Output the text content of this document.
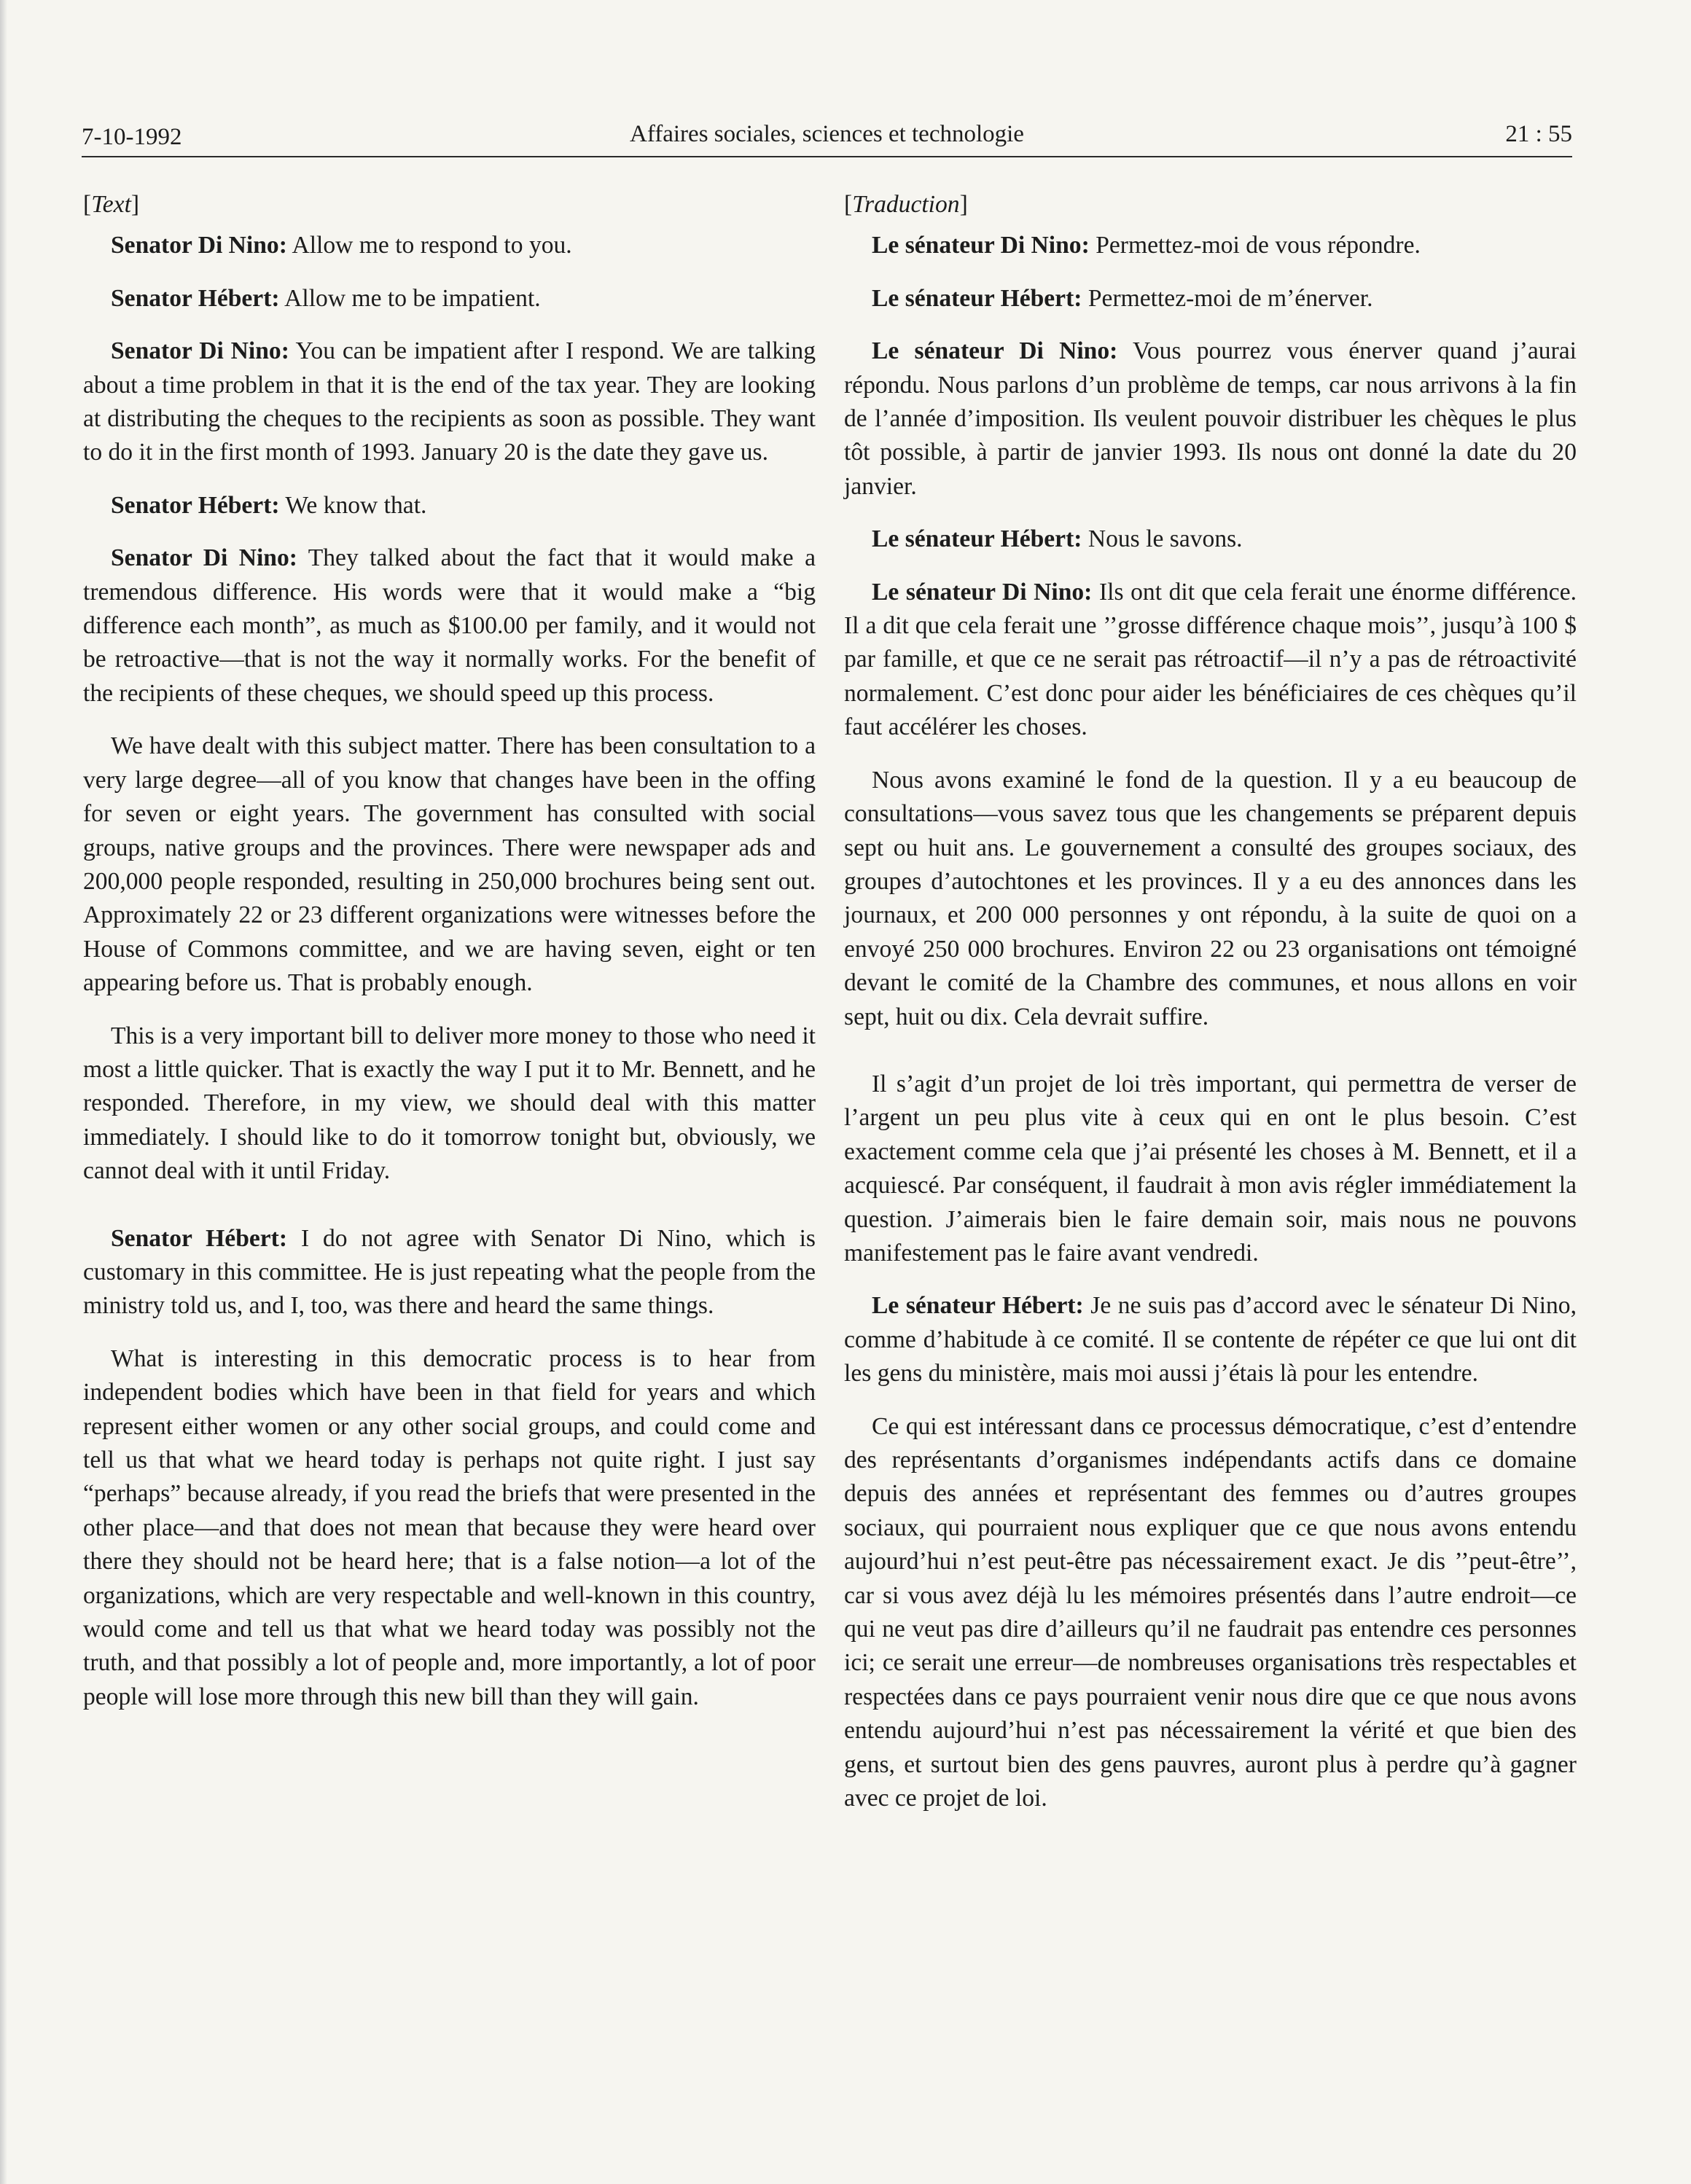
7-10-1992	Affaires sociales, sciences et technologie	21 : 55
[Text]

Senator Di Nino: Allow me to respond to you.

Senator Hébert: Allow me to be impatient.

Senator Di Nino: You can be impatient after I respond. We are talking about a time problem in that it is the end of the tax year. They are looking at distributing the cheques to the recipients as soon as possible. They want to do it in the first month of 1993. January 20 is the date they gave us.

Senator Hébert: We know that.

Senator Di Nino: They talked about the fact that it would make a tremendous difference. His words were that it would make a “big difference each month”, as much as $100.00 per family, and it would not be retroactive—that is not the way it normally works. For the benefit of the recipients of these cheques, we should speed up this process.

We have dealt with this subject matter. There has been consultation to a very large degree—all of you know that changes have been in the offing for seven or eight years. The government has consulted with social groups, native groups and the provinces. There were newspaper ads and 200,000 people responded, resulting in 250,000 brochures being sent out. Approximately 22 or 23 different organizations were witnesses before the House of Commons committee, and we are having seven, eight or ten appearing before us. That is probably enough.

This is a very important bill to deliver more money to those who need it most a little quicker. That is exactly the way I put it to Mr. Bennett, and he responded. Therefore, in my view, we should deal with this matter immediately. I should like to do it tomorrow tonight but, obviously, we cannot deal with it until Friday.

Senator Hébert: I do not agree with Senator Di Nino, which is customary in this committee. He is just repeating what the people from the ministry told us, and I, too, was there and heard the same things.

What is interesting in this democratic process is to hear from independent bodies which have been in that field for years and which represent either women or any other social groups, and could come and tell us that what we heard today is perhaps not quite right. I just say “perhaps” because already, if you read the briefs that were presented in the other place—and that does not mean that because they were heard over there they should not be heard here; that is a false notion—a lot of the organizations, which are very respectable and well-known in this country, would come and tell us that what we heard today was possibly not the truth, and that possibly a lot of people and, more importantly, a lot of poor people will lose more through this new bill than they will gain.

[Traduction]

Le sénateur Di Nino: Permettez-moi de vous répondre.

Le sénateur Hébert: Permettez-moi de m’énerver.

Le sénateur Di Nino: Vous pourrez vous énerver quand j’aurai répondu. Nous parlons d’un problème de temps, car nous arrivons à la fin de l’année d’imposition. Ils veulent pouvoir distribuer les chèques le plus tôt possible, à partir de janvier 1993. Ils nous ont donné la date du 20 janvier.

Le sénateur Hébert: Nous le savons.

Le sénateur Di Nino: Ils ont dit que cela ferait une énorme différence. Il a dit que cela ferait une ’’grosse différence chaque mois’’, jusqu’à 100 $ par famille, et que ce ne serait pas rétroactif—il n’y a pas de rétroactivité normalement. C’est donc pour aider les bénéficiaires de ces chèques qu’il faut accélérer les choses.

Nous avons examiné le fond de la question. Il y a eu beaucoup de consultations—vous savez tous que les changements se préparent depuis sept ou huit ans. Le gouvernement a consulté des groupes sociaux, des groupes d’autochtones et les provinces. Il y a eu des annonces dans les journaux, et 200 000 personnes y ont répondu, à la suite de quoi on a envoyé 250 000 brochures. Environ 22 ou 23 organisations ont témoigné devant le comité de la Chambre des communes, et nous allons en voir sept, huit ou dix. Cela devrait suffire.

Il s’agit d’un projet de loi très important, qui permettra de verser de l’argent un peu plus vite à ceux qui en ont le plus besoin. C’est exactement comme cela que j’ai présenté les choses à M. Bennett, et il a acquiescé. Par conséquent, il faudrait à mon avis régler immédiatement la question. J’aimerais bien le faire demain soir, mais nous ne pouvons manifestement pas le faire avant vendredi.

Le sénateur Hébert: Je ne suis pas d’accord avec le sénateur Di Nino, comme d’habitude à ce comité. Il se contente de répéter ce que lui ont dit les gens du ministère, mais moi aussi j’étais là pour les entendre.

Ce qui est intéressant dans ce processus démocratique, c’est d’entendre des représentants d’organismes indépendants actifs dans ce domaine depuis des années et représentant des femmes ou d’autres groupes sociaux, qui pourraient nous expliquer que ce que nous avons entendu aujourd’hui n’est peut-être pas nécessairement exact. Je dis ’’peut-être’’, car si vous avez déjà lu les mémoires présentés dans l’autre endroit—ce qui ne veut pas dire d’ailleurs qu’il ne faudrait pas entendre ces personnes ici; ce serait une erreur—de nombreuses organisations très respectables et respectées dans ce pays pourraient venir nous dire que ce que nous avons entendu aujourd’hui n’est pas nécessairement la vérité et que bien des gens, et surtout bien des gens pauvres, auront plus à perdre qu’à gagner avec ce projet de loi.
